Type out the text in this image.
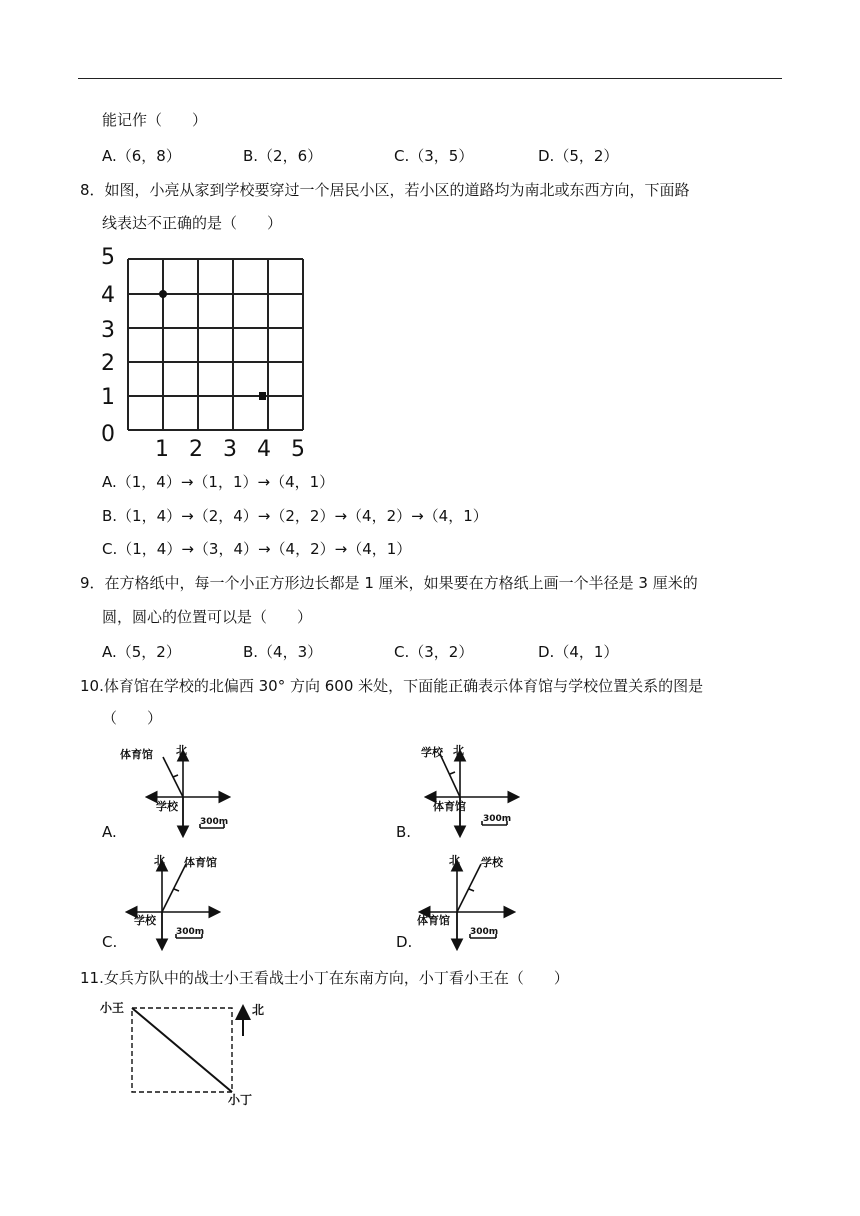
能记作（　　）
A.（6，8）	B.（2，6）	C.（3，5）	D.（5，2）
8．如图，小亮从家到学校要穿过一个居民小区，若小区的道路均为南北或东西方向，下面路
线表达不正确的是（　　）
5
4
3
2
1
0
1 2 3 4 5
A.（1，4）→（1，1）→（4，1）
B.（1，4）→（2，4）→（2，2）→（4，2）→（4，1）
C.（1，4）→（3，4）→（4，2）→（4，1）
9．在方格纸中，每一个小正方形边长都是 1 厘米，如果要在方格纸上画一个半径是 3 厘米的
圆，圆心的位置可以是（　　）
A.（5，2）	B.（4，3）	C.（3，2）	D.（4，1）
10.体育馆在学校的北偏西 30° 方向 600 米处，下面能正确表示体育馆与学校位置关系的图是
（　　）
体育馆 北
学校
300m
A.
学校 北
体育馆
300m
B.
北 体育馆
学校
300m
C.
北 学校
体育馆
300m
D.
11.女兵方队中的战士小王看战士小丁在东南方向，小丁看小王在（　　）
小王
小丁
北
